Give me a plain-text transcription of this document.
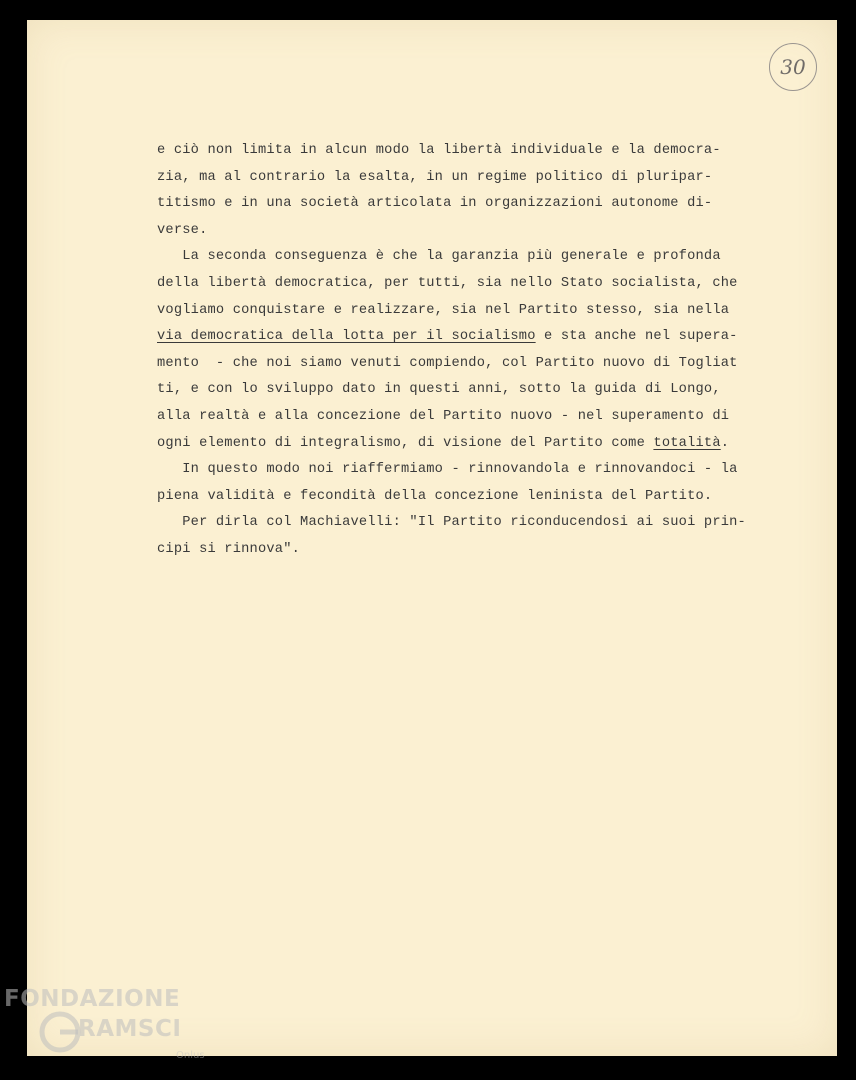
30
e ciò non limita in alcun modo la libertà individuale e la democra-
zia, ma al contrario la esalta, in un regime politico di pluripar-
titismo e in una società articolata in organizzazioni autonome di-
verse.
La seconda conseguenza è che la garanzia più generale e profonda
della libertà democratica, per tutti, sia nello Stato socialista, che
vogliamo conquistare e realizzare, sia nel Partito stesso, sia nella
via democratica della lotta per il socialismo e sta anche nel supera-
mento  - che noi siamo venuti compiendo, col Partito nuovo di Togliat
ti, e con lo sviluppo dato in questi anni, sotto la guida di Longo,
alla realtà e alla concezione del Partito nuovo - nel superamento di
ogni elemento di integralismo, di visione del Partito come totalità.
In questo modo noi riaffermiamo - rinnovandola e rinnovandoci - la
piena validità e fecondità della concezione leninista del Partito.
Per dirla col Machiavelli: "Il Partito riconducendosi ai suoi prin-
cipi si rinnova".
FONDAZIONE
RAMSCI
Onlus
